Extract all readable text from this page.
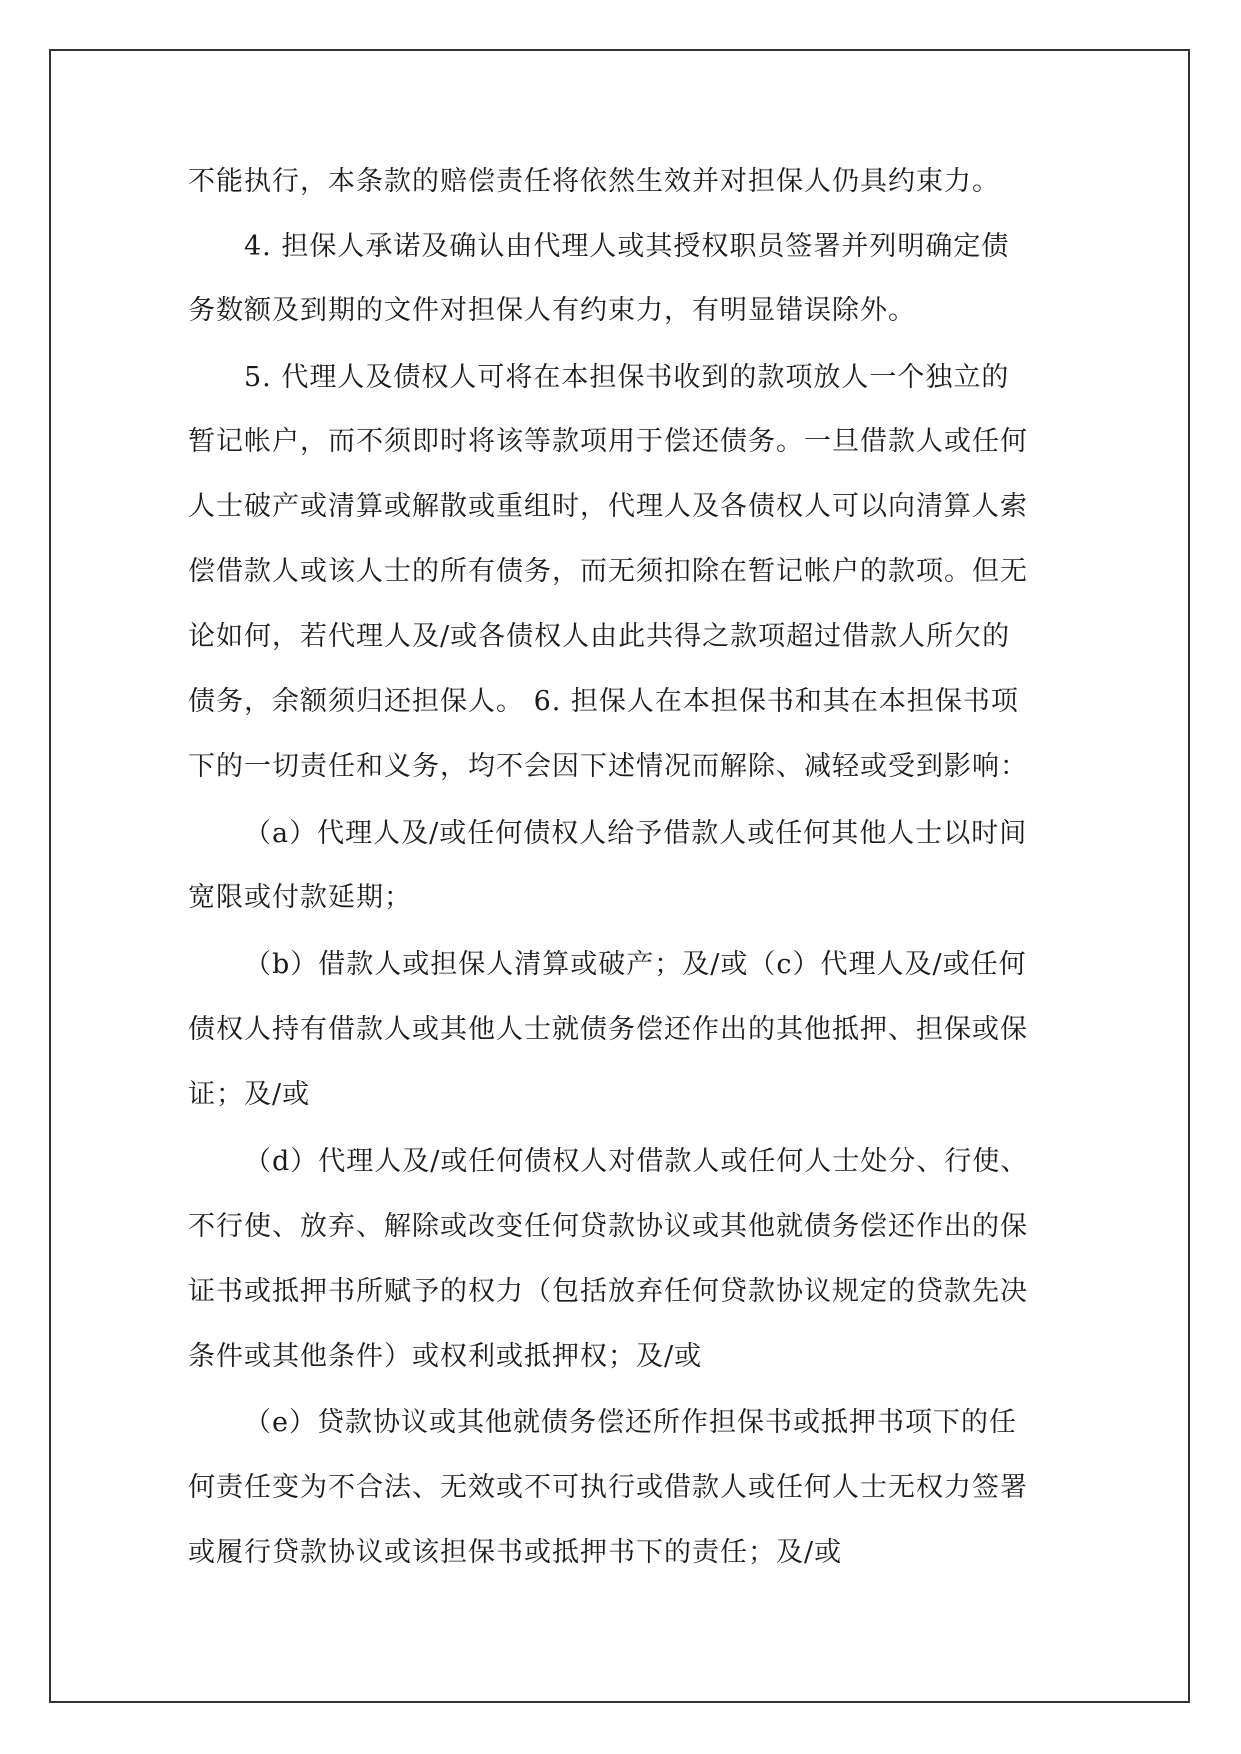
不能执行，本条款的赔偿责任将依然生效并对担保人仍具约束力。
4. 担保人承诺及确认由代理人或其授权职员签署并列明确定债
务数额及到期的文件对担保人有约束力，有明显错误除外。
5. 代理人及债权人可将在本担保书收到的款项放人一个独立的
暂记帐户，而不须即时将该等款项用于偿还债务。一旦借款人或任何
人士破产或清算或解散或重组时，代理人及各债权人可以向清算人索
偿借款人或该人士的所有债务，而无须扣除在暂记帐户的款项。但无
论如何，若代理人及/或各债权人由此共得之款项超过借款人所欠的
债务，余额须归还担保人。 6. 担保人在本担保书和其在本担保书项
下的一切责任和义务，均不会因下述情况而解除、减轻或受到影响：
（a）代理人及/或任何债权人给予借款人或任何其他人士以时间
宽限或付款延期；
（b）借款人或担保人清算或破产；及/或（c）代理人及/或任何
债权人持有借款人或其他人士就债务偿还作出的其他抵押、担保或保
证；及/或
（d）代理人及/或任何债权人对借款人或任何人士处分、行使、
不行使、放弃、解除或改变任何贷款协议或其他就债务偿还作出的保
证书或抵押书所赋予的权力（包括放弃任何贷款协议规定的贷款先决
条件或其他条件）或权利或抵押权；及/或
（e）贷款协议或其他就债务偿还所作担保书或抵押书项下的任
何责任变为不合法、无效或不可执行或借款人或任何人士无权力签署
或履行贷款协议或该担保书或抵押书下的责任；及/或
